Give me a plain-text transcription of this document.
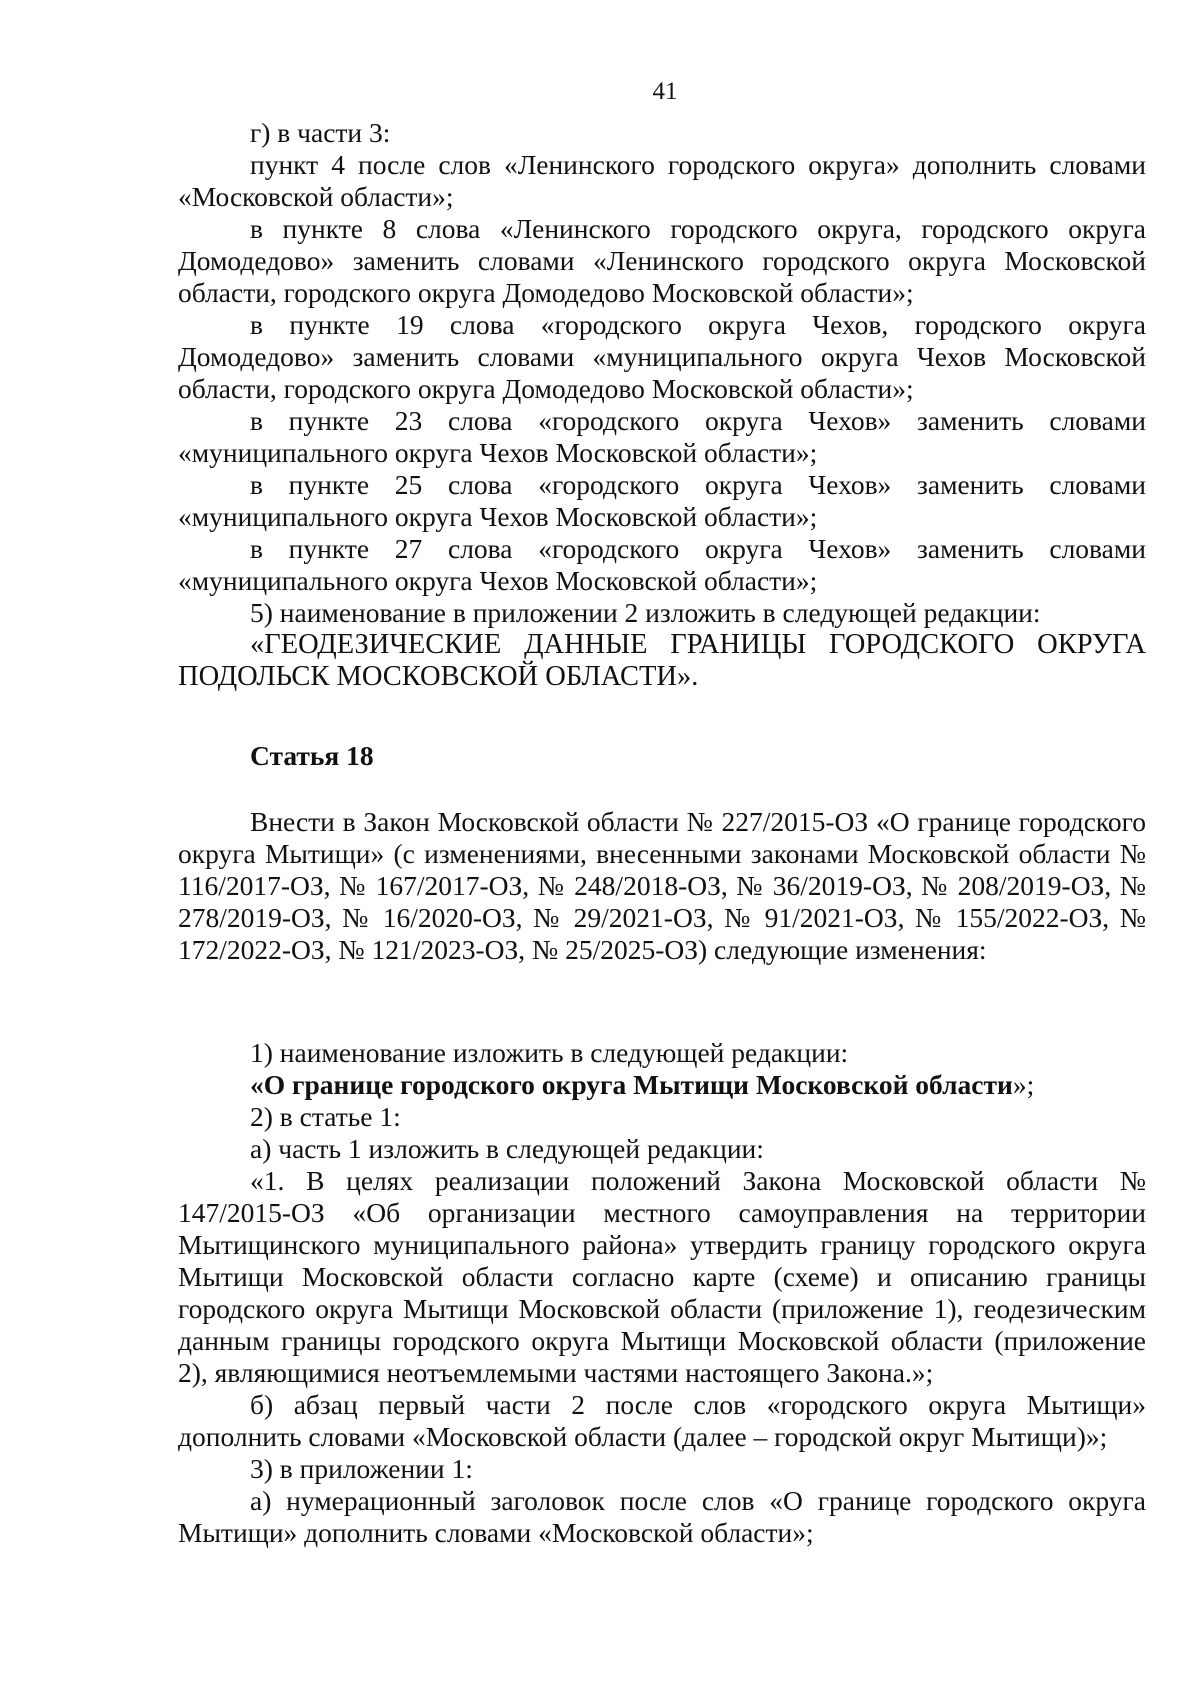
41

г) в части 3:

пункт 4 после слов «Ленинского городского округа» дополнить словами «Московской области»;

в пункте 8 слова «Ленинского городского округа, городского округа Домодедово» заменить словами «Ленинского городского округа Московской области, городского округа Домодедово Московской области»;

в пункте 19 слова «городского округа Чехов, городского округа Домодедово» заменить словами «муниципального округа Чехов Московской области, городского округа Домодедово Московской области»;

в пункте 23 слова «городского округа Чехов» заменить словами «муниципального округа Чехов Московской области»;

в пункте 25 слова «городского округа Чехов» заменить словами «муниципального округа Чехов Московской области»;

в пункте 27 слова «городского округа Чехов» заменить словами «муниципального округа Чехов Московской области»;

5) наименование в приложении 2 изложить в следующей редакции:

«ГЕОДЕЗИЧЕСКИЕ ДАННЫЕ ГРАНИЦЫ ГОРОДСКОГО ОКРУГА ПОДОЛЬСК МОСКОВСКОЙ ОБЛАСТИ».

Статья 18

Внести в Закон Московской области № 227/2015-ОЗ «О границе городского округа Мытищи» (с изменениями, внесенными законами Московской области № 116/2017-ОЗ, № 167/2017-ОЗ, № 248/2018-ОЗ, № 36/2019-ОЗ, № 208/2019-ОЗ, № 278/2019-ОЗ, № 16/2020-ОЗ, № 29/2021-ОЗ, № 91/2021-ОЗ, № 155/2022-ОЗ, № 172/2022-ОЗ, № 121/2023-ОЗ, № 25/2025-ОЗ) следующие изменения:

1) наименование изложить в следующей редакции:

«О границе городского округа Мытищи Московской области»;

2) в статье 1:

а) часть 1 изложить в следующей редакции:

«1. В целях реализации положений Закона Московской области № 147/2015-ОЗ «Об организации местного самоуправления на территории Мытищинского муниципального района» утвердить границу городского округа Мытищи Московской области согласно карте (схеме) и описанию границы городского округа Мытищи Московской области (приложение 1), геодезическим данным границы городского округа Мытищи Московской области (приложение 2), являющимися неотъемлемыми частями настоящего Закона.»;

б) абзац первый части 2 после слов «городского округа Мытищи» дополнить словами «Московской области (далее – городской округ Мытищи)»;

3) в приложении 1:

а) нумерационный заголовок после слов «О границе городского округа Мытищи» дополнить словами «Московской области»;
